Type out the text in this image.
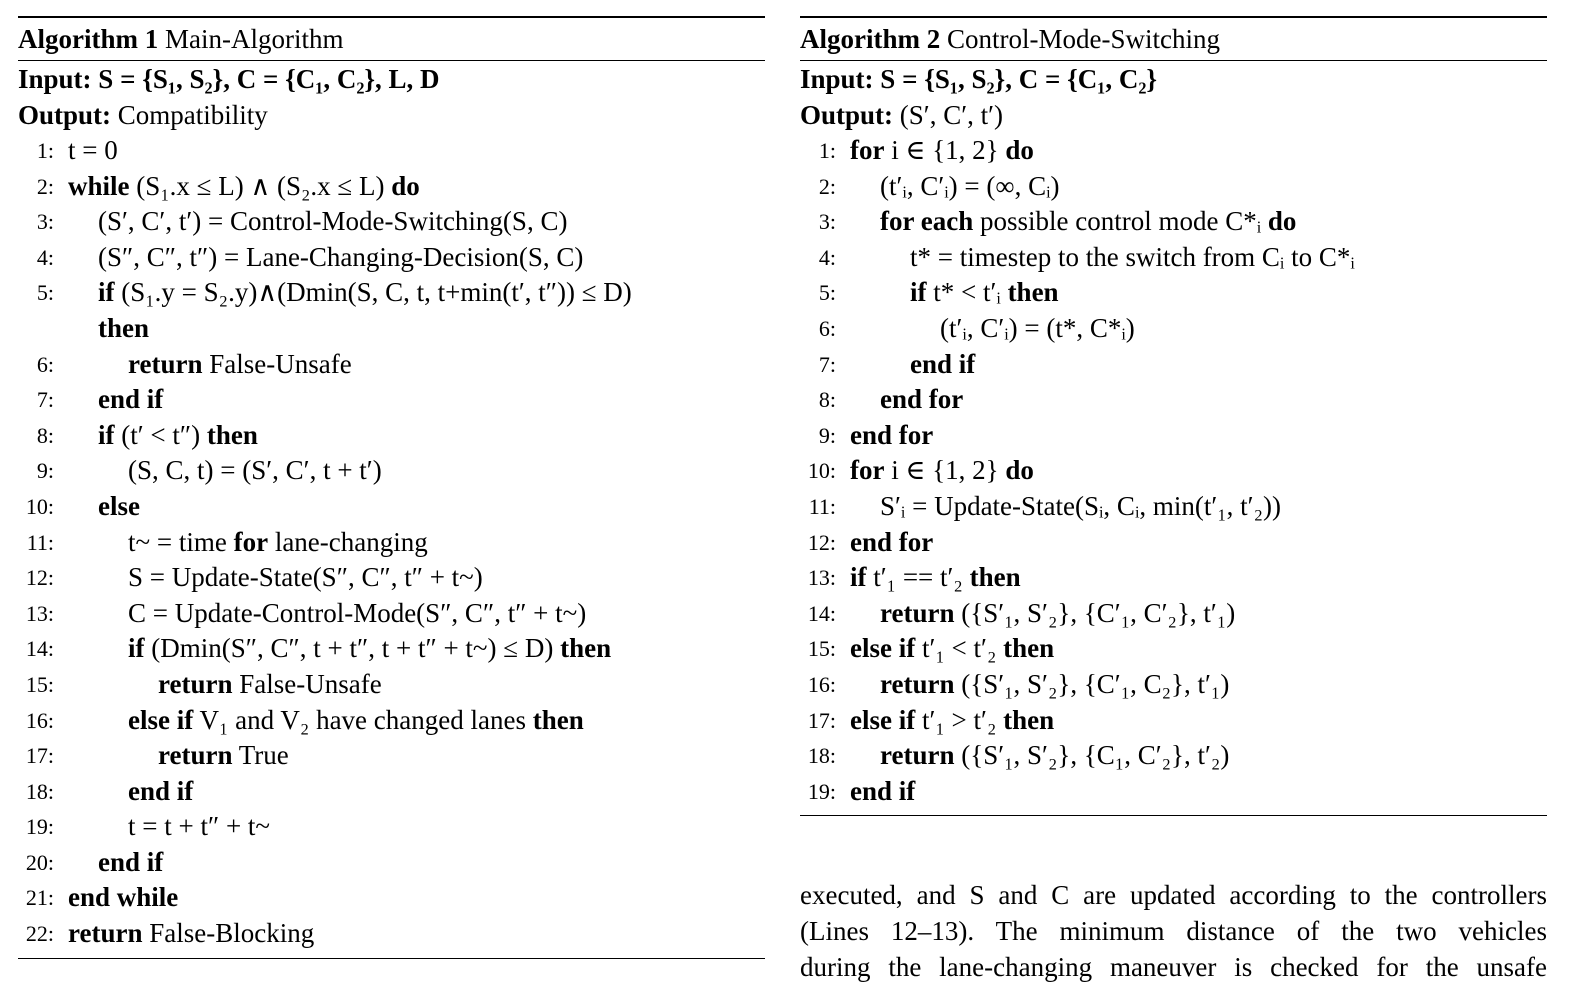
Algorithm 1 Main-Algorithm
Input: S = {S₁, S₂}, C = {C₁, C₂}, L, D
Output: Compatibility
1: t = 0
2: while (S₁.x ≤ L) ∧ (S₂.x ≤ L) do
3: (S′, C′, t′) = Control-Mode-Switching(S, C)
4: (S″, C″, t″) = Lane-Changing-Decision(S, C)
5: if (S₁.y = S₂.y)∧(Dmin(S, C, t, t+min(t′, t″)) ≤ D)
then
6:	return False-Unsafe
7: end if
8: if (t′ < t″) then
9:	(S, C, t) = (S′, C′, t + t′)
10: else
11:	t~ = time for lane-changing
12:	S = Update-State(S″, C″, t″ + t~)
13:	C = Update-Control-Mode(S″, C″, t″ + t~)
14:	if (Dmin(S″, C″, t + t″, t + t″ + t~) ≤ D) then
15:	return False-Unsafe
16:	else if V₁ and V₂ have changed lanes then
17:	return True
18:	end if
19:	t = t + t″ + t~
20: end if
21: end while
22: return False-Blocking
Algorithm 2 Control-Mode-Switching
Input: S = {S₁, S₂}, C = {C₁, C₂}
Output: (S′, C′, t′)
1: for i ∈ {1, 2} do
2: (t′ᵢ, C′ᵢ) = (∞, Cᵢ)
3: for each possible control mode C*ᵢ do
4:	t* = timestep to the switch from Cᵢ to C*ᵢ
5:	if t* < t′ᵢ then
6:	(t′ᵢ, C′ᵢ) = (t*, C*ᵢ)
7:	end if
8: end for
9: end for
10: for i ∈ {1, 2} do
11: S′ᵢ = Update-State(Sᵢ, Cᵢ, min(t′₁, t′₂))
12: end for
13: if t′₁ == t′₂ then
14: return ({S′₁, S′₂}, {C′₁, C′₂}, t′₁)
15: else if t′₁ < t′₂ then
16: return ({S′₁, S′₂}, {C′₁, C₂}, t′₁)
17: else if t′₁ > t′₂ then
18: return ({S′₁, S′₂}, {C₁, C′₂}, t′₂)
19: end if
executed, and S and C are updated according to the controllers
(Lines 12–13). The minimum distance of the two vehicles
during the lane-changing maneuver is checked for the unsafe
